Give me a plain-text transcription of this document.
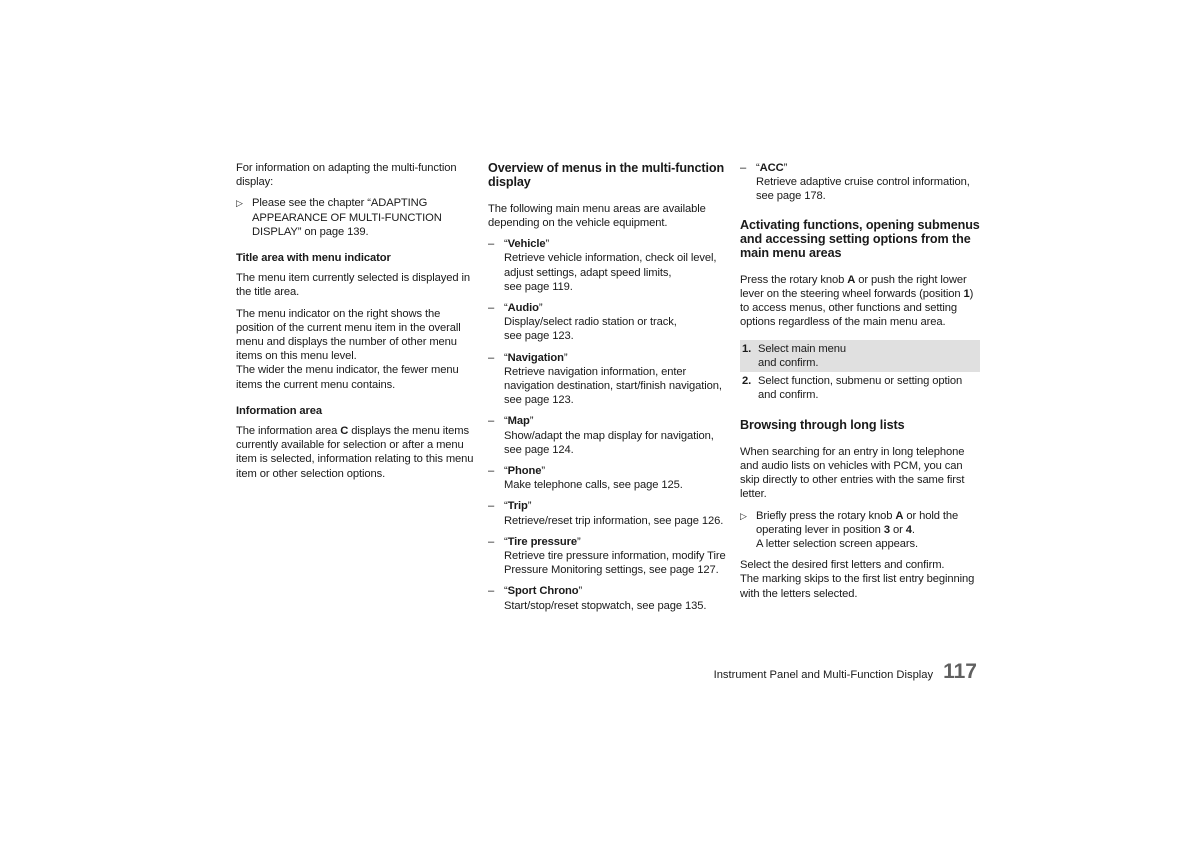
For information on adapting the multi-function display:

▷ Please see the chapter “ADAPTING APPEARANCE OF MULTI-FUNCTION DISPLAY” on page 139.
Title area with menu indicator

The menu item currently selected is displayed in the title area.

The menu indicator on the right shows the position of the current menu item in the overall menu and displays the number of other menu items on this menu level.

The wider the menu indicator, the fewer menu items the current menu contains.

Information area

The information area C displays the menu items currently available for selection or after a menu item is selected, information relating to this menu item or other selection options.

Overview of menus in the multi-function display

The following main menu areas are available depending on the vehicle equipment.

– “Vehicle”
Retrieve vehicle information, check oil level, adjust settings, adapt speed limits,
see page 119.
– “Audio”
Display/select radio station or track,
see page 123.
– “Navigation”
Retrieve navigation information, enter navigation destination, start/finish navigation,
see page 123.
– “Map”
Show/adapt the map display for navigation,
see page 124.
– “Phone”
Make telephone calls, see page 125.
– “Trip”
Retrieve/reset trip information, see page 126.
– “Tire pressure”
Retrieve tire pressure information, modify Tire Pressure Monitoring settings, see page 127.
– “Sport Chrono”
Start/stop/reset stopwatch, see page 135.
– “ACC”
Retrieve adaptive cruise control information,
see page 178.
Activating functions, opening submenus and accessing setting options from the main menu areas

Press the rotary knob A or push the right lower lever on the steering wheel forwards (position 1) to access menus, other functions and setting options regardless of the main menu area.

1. Select main menu
and confirm.
2. Select function, submenu or setting option
and confirm.
Browsing through long lists

When searching for an entry in long telephone and audio lists on vehicles with PCM, you can skip directly to other entries with the same first letter.

▷ Briefly press the rotary knob A or hold the operating lever in position 3 or 4.
A letter selection screen appears.

Select the desired first letters and confirm.

The marking skips to the first list entry beginning with the letters selected.

Instrument Panel and Multi-Function Display 117
